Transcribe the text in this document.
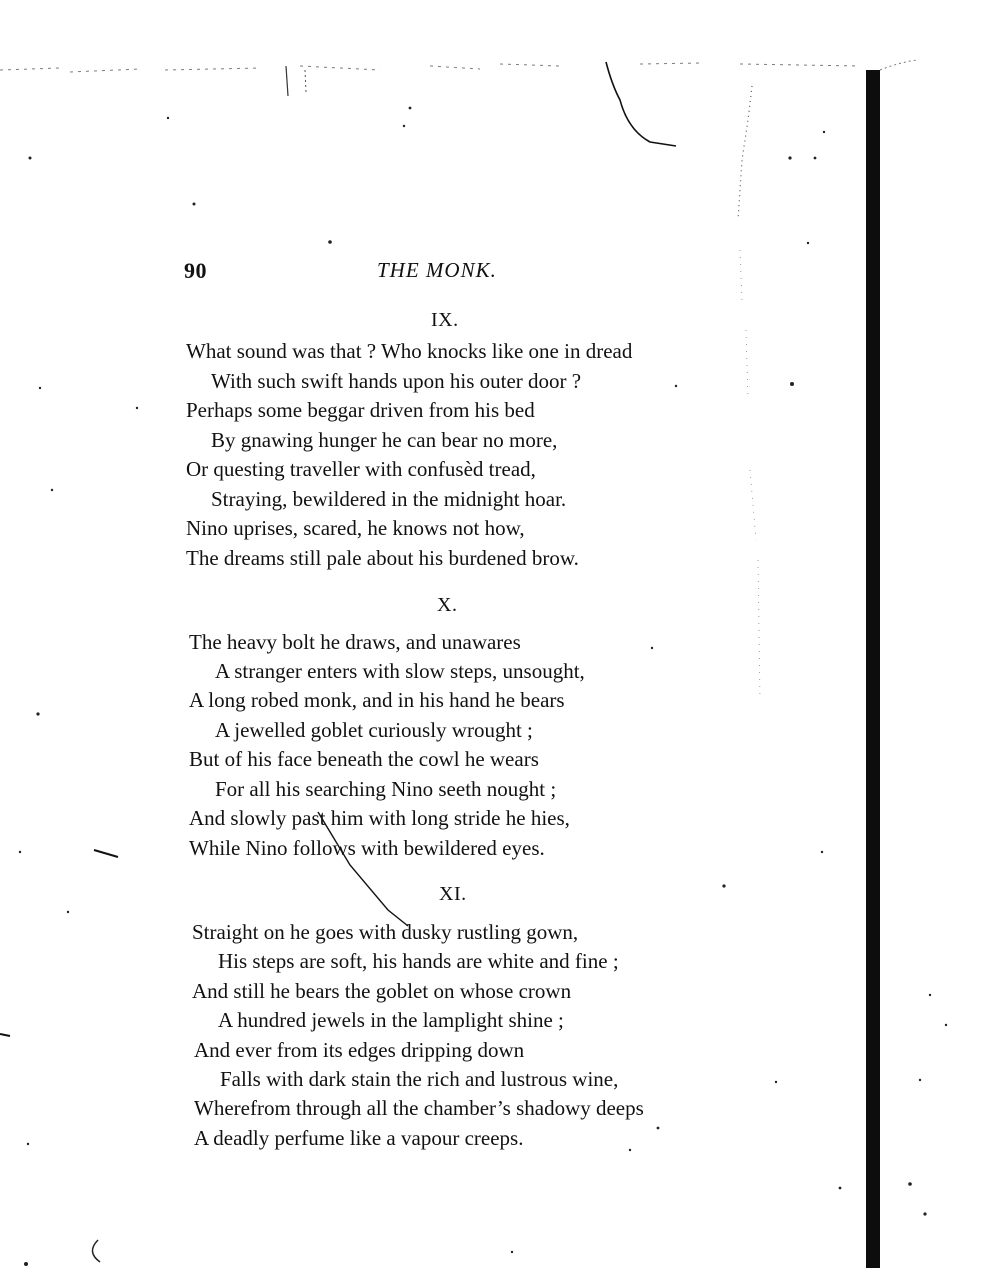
90	THE MONK.
IX.
What sound was that ? Who knocks like one in dread
With such swift hands upon his outer door ?
Perhaps some beggar driven from his bed
By gnawing hunger he can bear no more,
Or questing traveller with confusèd tread,
Straying, bewildered in the midnight hoar.
Nino uprises, scared, he knows not how,
The dreams still pale about his burdened brow.
X.
The heavy bolt he draws, and unawares
A stranger enters with slow steps, unsought,
A long robed monk, and in his hand he bears
A jewelled goblet curiously wrought ;
But of his face beneath the cowl he wears
For all his searching Nino seeth nought ;
And slowly past him with long stride he hies,
While Nino follows with bewildered eyes.
XI.
Straight on he goes with dusky rustling gown,
His steps are soft, his hands are white and fine ;
And still he bears the goblet on whose crown
A hundred jewels in the lamplight shine ;
And ever from its edges dripping down
Falls with dark stain the rich and lustrous wine,
Wherefrom through all the chamber’s shadowy deeps
A deadly perfume like a vapour creeps.
